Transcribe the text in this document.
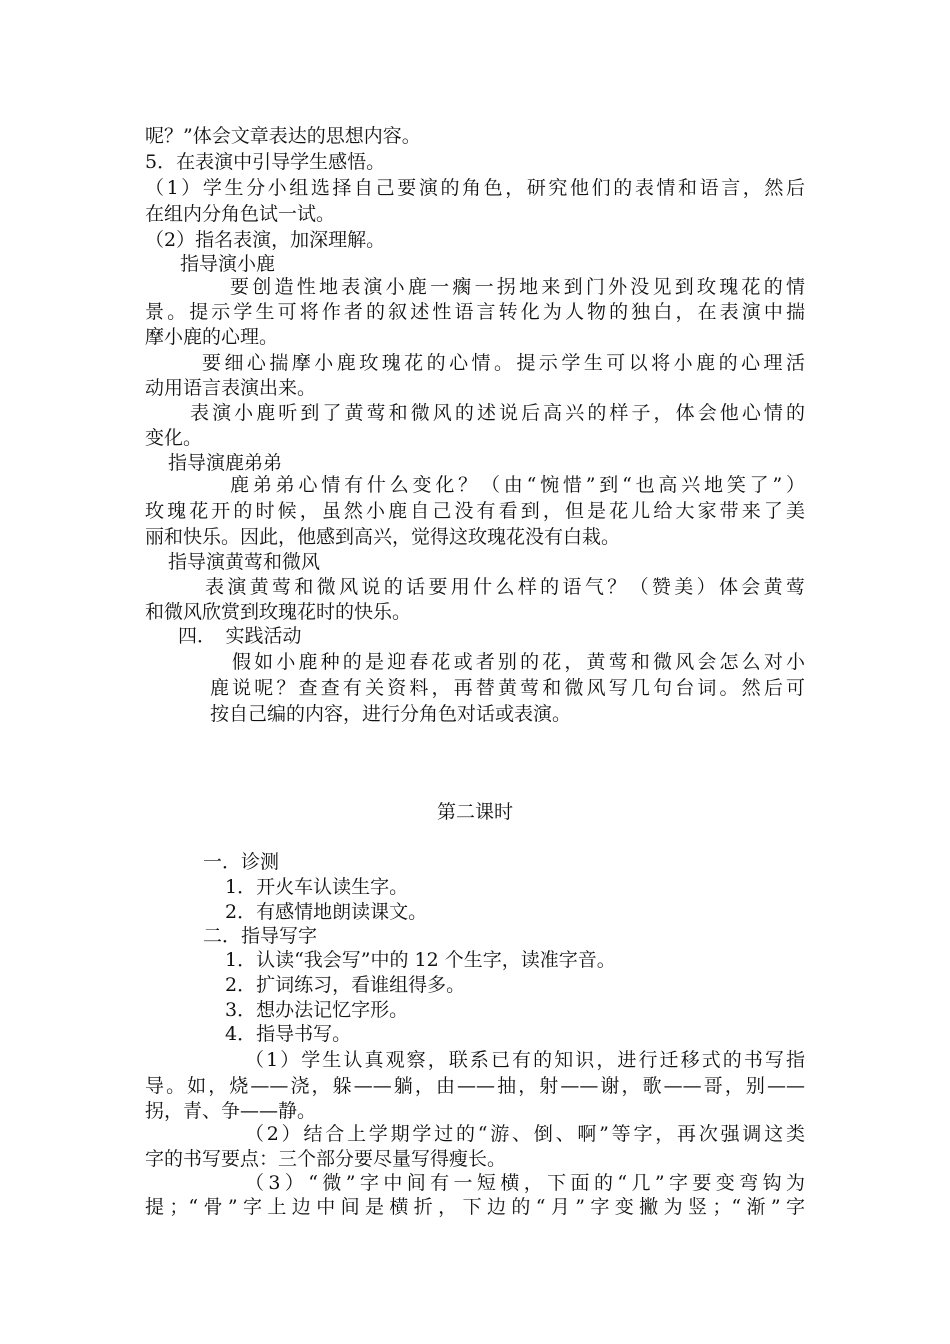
呢？”体会文章表达的思想内容。
5．在表演中引导学生感悟。
（1）学生分小组选择自己要演的角色，研究他们的表情和语言，然后
在组内分角色试一试。
（2）指名表演，加深理解。
指导演小鹿
要创造性地表演小鹿一瘸一拐地来到门外没见到玫瑰花的情
景。提示学生可将作者的叙述性语言转化为人物的独白，在表演中揣
摩小鹿的心理。
要细心揣摩小鹿玫瑰花的心情。提示学生可以将小鹿的心理活
动用语言表演出来。
表演小鹿听到了黄莺和微风的述说后高兴的样子，体会他心情的
变化。
指导演鹿弟弟
鹿弟弟心情有什么变化？（由“惋惜”到“也高兴地笑了”）
玫瑰花开的时候，虽然小鹿自己没有看到，但是花儿给大家带来了美
丽和快乐。因此，他感到高兴，觉得这玫瑰花没有白栽。
指导演黄莺和微风
表演黄莺和微风说的话要用什么样的语气？（赞美）体会黄莺
和微风欣赏到玫瑰花时的快乐。
四．　实践活动
假如小鹿种的是迎春花或者别的花，黄莺和微风会怎么对小
鹿说呢？查查有关资料，再替黄莺和微风写几句台词。然后可
按自己编的内容，进行分角色对话或表演。
第二课时
一．诊测
1．开火车认读生字。
2．有感情地朗读课文。
二．指导写字
1．认读“我会写”中的 12 个生字，读准字音。
2．扩词练习，看谁组得多。
3．想办法记忆字形。
4．指导书写。
（1）学生认真观察，联系已有的知识，进行迁移式的书写指
导。如，烧——浇，躲——躺，由——抽，射——谢，歌——哥，别——
拐，青、争——静。
（2）结合上学期学过的“游、倒、啊”等字，再次强调这类
字的书写要点：三个部分要尽量写得瘦长。
（3）“微”字中间有一短横，下面的“几”字要变弯钩为
提；“骨”字上边中间是横折，下边的“月”字变撇为竖；“渐”字
